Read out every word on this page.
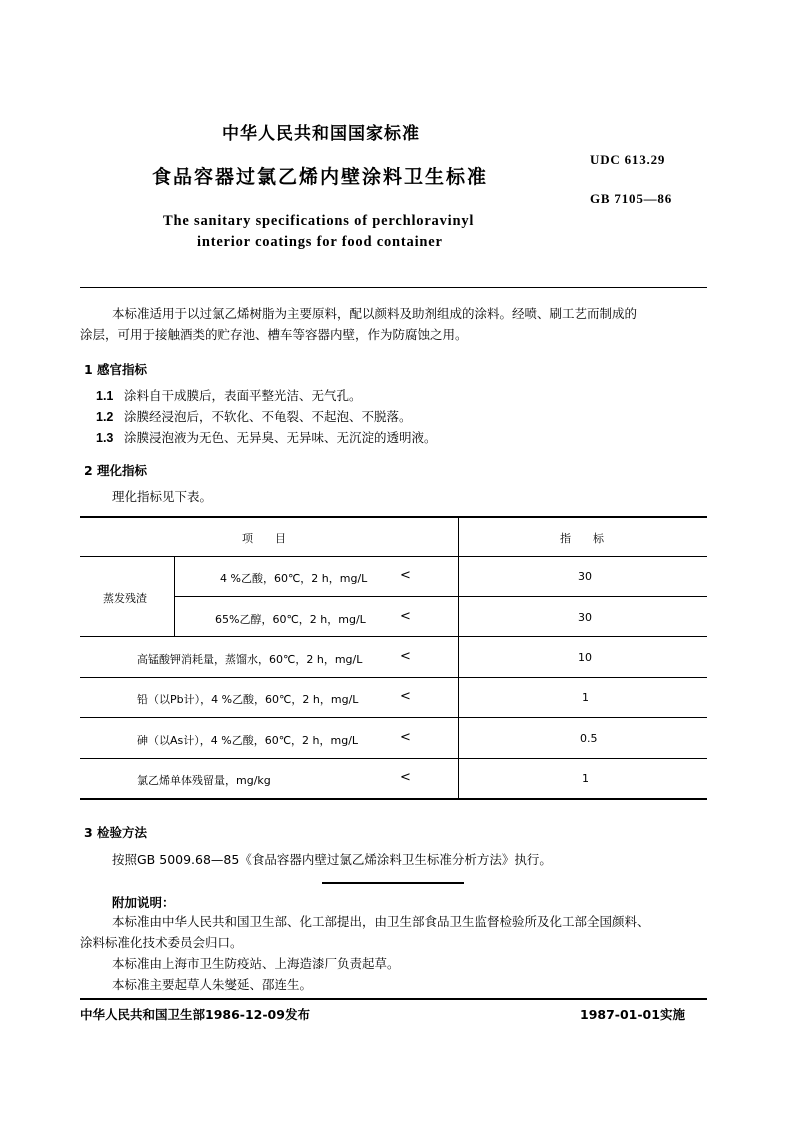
中华人民共和国国家标准
食品容器过氯乙烯内壁涂料卫生标准
UDC 613.29
GB 7105—86
The sanitary specifications of perchloravinyl
interior coatings for food container
本标准适用于以过氯乙烯树脂为主要原料，配以颜料及助剂组成的涂料。经喷、刷工艺而制成的
涂层，可用于接触酒类的贮存池、槽车等容器内壁，作为防腐蚀之用。
1 感官指标
1.1 涂料自干成膜后，表面平整光洁、无气孔。
1.2 涂膜经浸泡后，不软化、不龟裂、不起泡、不脱落。
1.3 涂膜浸泡液为无色、无异臭、无异味、无沉淀的透明液。
2 理化指标
理化指标见下表。
项　　目	指　　标
蒸发残渣
4 %乙酸，60℃，2 h，mg/L	<	30
65%乙醇，60℃，2 h，mg/L	<	30
高锰酸钾消耗量，蒸馏水，60℃，2 h，mg/L	<	10
铅（以Pb计），4 %乙酸，60℃，2 h，mg/L	<	1
砷（以As计），4 %乙酸，60℃，2 h，mg/L	<	0.5
氯乙烯单体残留量，mg/kg	<	1
3 检验方法
按照GB 5009.68—85《食品容器内壁过氯乙烯涂料卫生标准分析方法》执行。
附加说明：
本标准由中华人民共和国卫生部、化工部提出，由卫生部食品卫生监督检验所及化工部全国颜料、
涂料标准化技术委员会归口。
本标准由上海市卫生防疫站、上海造漆厂负责起草。
本标准主要起草人朱燮延、邵连生。
中华人民共和国卫生部1986-12-09发布	1987-01-01实施
